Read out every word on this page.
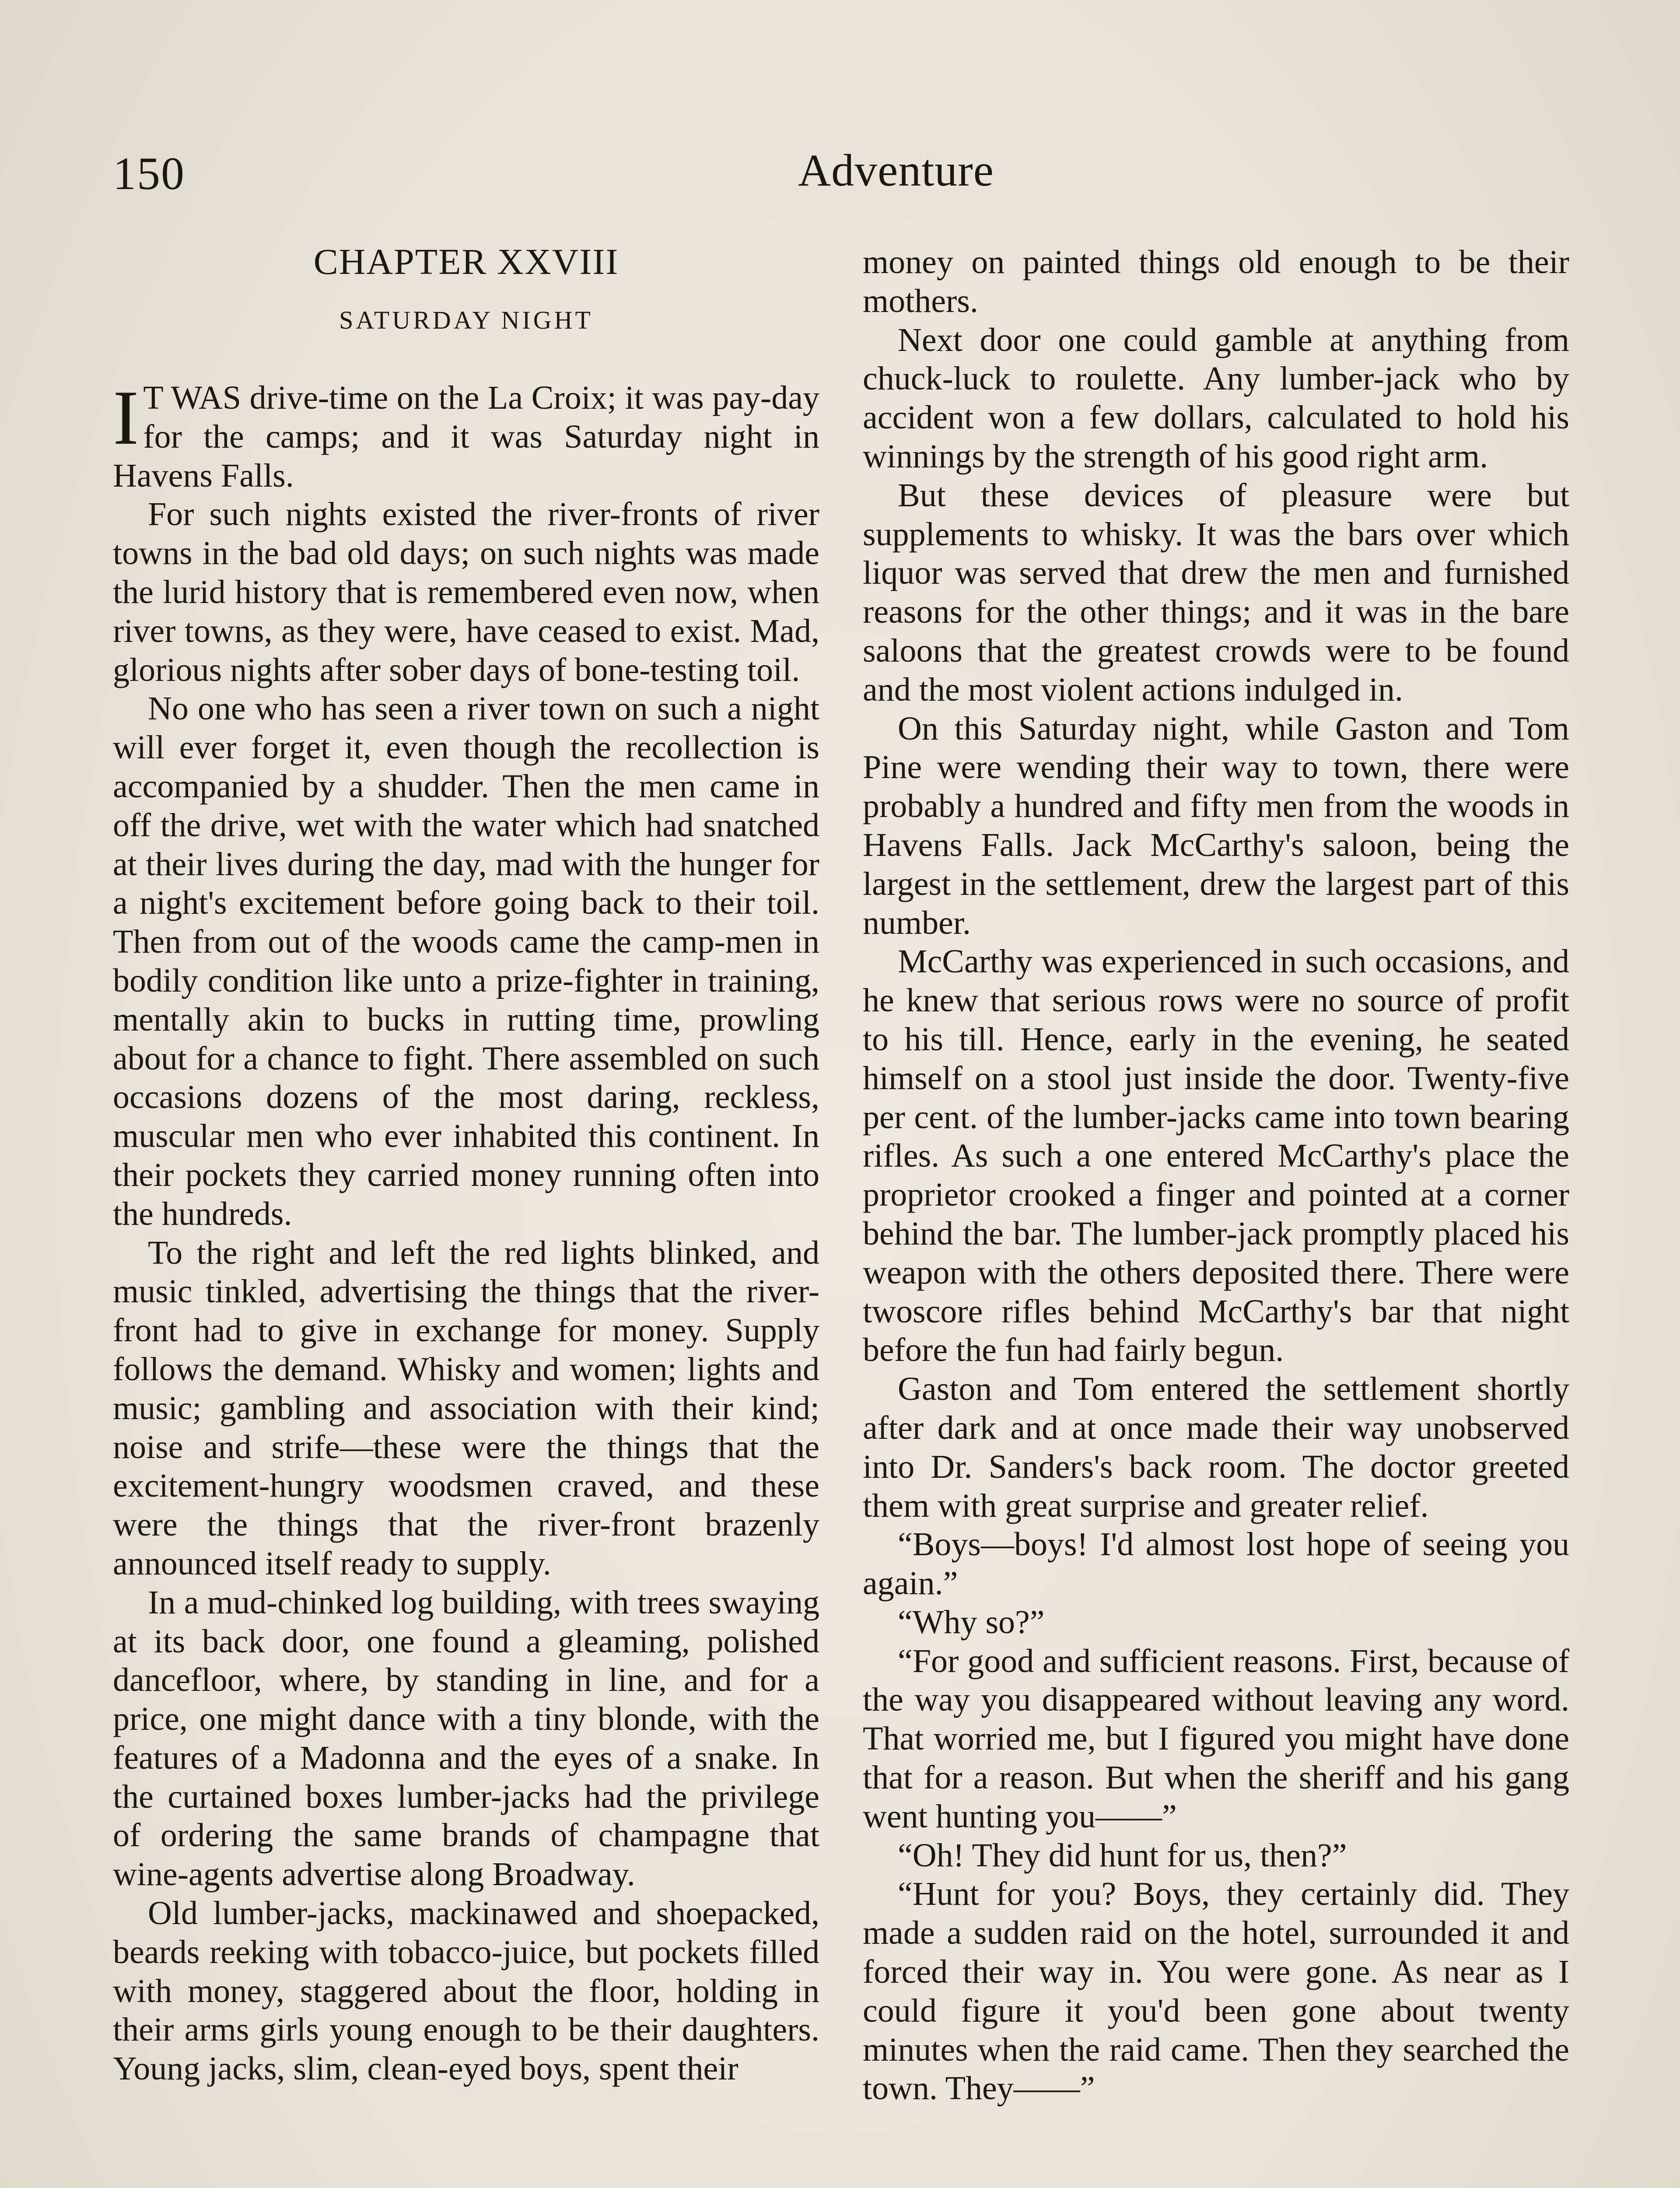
150	Adventure

CHAPTER XXVIII

SATURDAY NIGHT

I T WAS drive-time on the La Croix; it was pay-day for the camps; and it was Saturday night in Havens Falls.

For such nights existed the river-fronts of river towns in the bad old days; on such nights was made the lurid history that is remembered even now, when river towns, as they were, have ceased to exist. Mad, glorious nights after sober days of bone-testing toil.

No one who has seen a river town on such a night will ever forget it, even though the recollection is accompanied by a shudder. Then the men came in off the drive, wet with the water which had snatched at their lives during the day, mad with the hunger for a night's excitement before going back to their toil. Then from out of the woods came the camp-men in bodily condition like unto a prize-fighter in training, mentally akin to bucks in rutting time, prowling about for a chance to fight. There assembled on such occasions dozens of the most daring, reckless, muscular men who ever inhabited this continent. In their pockets they carried money running often into the hundreds.

To the right and left the red lights blinked, and music tinkled, advertising the things that the river-front had to give in exchange for money. Supply follows the demand. Whisky and women; lights and music; gambling and association with their kind; noise and strife—these were the things that the excitement-hungry woodsmen craved, and these were the things that the river-front brazenly announced itself ready to supply.

In a mud-chinked log building, with trees swaying at its back door, one found a gleaming, polished dancefloor, where, by standing in line, and for a price, one might dance with a tiny blonde, with the features of a Madonna and the eyes of a snake. In the curtained boxes lumber-jacks had the privilege of ordering the same brands of champagne that wine-agents advertise along Broadway.

Old lumber-jacks, mackinawed and shoepacked, beards reeking with tobacco-juice, but pockets filled with money, staggered about the floor, holding in their arms girls young enough to be their daughters. Young jacks, slim, clean-eyed boys, spent their

money on painted things old enough to be their mothers.

Next door one could gamble at anything from chuck-luck to roulette. Any lumber-jack who by accident won a few dollars, calculated to hold his winnings by the strength of his good right arm.

But these devices of pleasure were but supplements to whisky. It was the bars over which liquor was served that drew the men and furnished reasons for the other things; and it was in the bare saloons that the greatest crowds were to be found and the most violent actions indulged in.

On this Saturday night, while Gaston and Tom Pine were wending their way to town, there were probably a hundred and fifty men from the woods in Havens Falls. Jack McCarthy's saloon, being the largest in the settlement, drew the largest part of this number.

McCarthy was experienced in such occasions, and he knew that serious rows were no source of profit to his till. Hence, early in the evening, he seated himself on a stool just inside the door. Twenty-five per cent. of the lumber-jacks came into town bearing rifles. As such a one entered McCarthy's place the proprietor crooked a finger and pointed at a corner behind the bar. The lumber-jack promptly placed his weapon with the others deposited there. There were twoscore rifles behind McCarthy's bar that night before the fun had fairly begun.

Gaston and Tom entered the settlement shortly after dark and at once made their way unobserved into Dr. Sanders's back room. The doctor greeted them with great surprise and greater relief.

“Boys—boys! I'd almost lost hope of seeing you again.”

“Why so?”

“For good and sufficient reasons. First, because of the way you disappeared without leaving any word. That worried me, but I figured you might have done that for a reason. But when the sheriff and his gang went hunting you——”

“Oh! They did hunt for us, then?”

“Hunt for you? Boys, they certainly did. They made a sudden raid on the hotel, surrounded it and forced their way in. You were gone. As near as I could figure it you'd been gone about twenty minutes when the raid came. Then they searched the town. They——”
